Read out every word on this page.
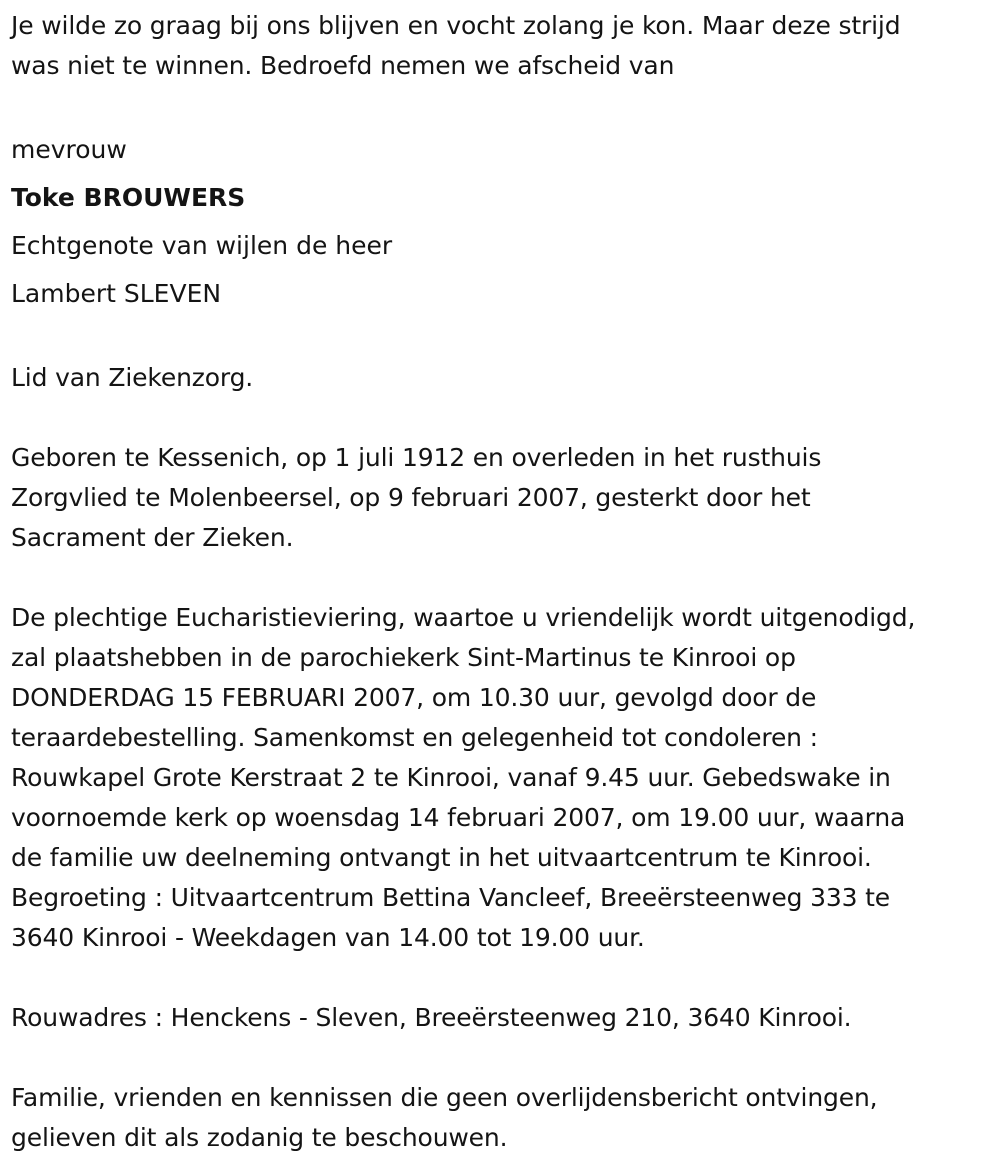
Je wilde zo graag bij ons blijven en vocht zolang je kon. Maar deze strijd
was niet te winnen. Bedroefd nemen we afscheid van
mevrouw
Toke BROUWERS
Echtgenote van wijlen de heer
Lambert SLEVEN
Lid van Ziekenzorg.
Geboren te Kessenich, op 1 juli 1912 en overleden in het rusthuis
Zorgvlied te Molenbeersel, op 9 februari 2007, gesterkt door het
Sacrament der Zieken.
De plechtige Eucharistieviering, waartoe u vriendelijk wordt uitgenodigd,
zal plaatshebben in de parochiekerk Sint-Martinus te Kinrooi op
DONDERDAG 15 FEBRUARI 2007, om 10.30 uur, gevolgd door de
teraardebestelling. Samenkomst en gelegenheid tot condoleren :
Rouwkapel Grote Kerstraat 2 te Kinrooi, vanaf 9.45 uur. Gebedswake in
voornoemde kerk op woensdag 14 februari 2007, om 19.00 uur, waarna
de familie uw deelneming ontvangt in het uitvaartcentrum te Kinrooi.
Begroeting : Uitvaartcentrum Bettina Vancleef, Breeërsteenweg 333 te
3640 Kinrooi - Weekdagen van 14.00 tot 19.00 uur.
Rouwadres : Henckens - Sleven, Breeërsteenweg 210, 3640 Kinrooi.
Familie, vrienden en kennissen die geen overlijdensbericht ontvingen,
gelieven dit als zodanig te beschouwen.
